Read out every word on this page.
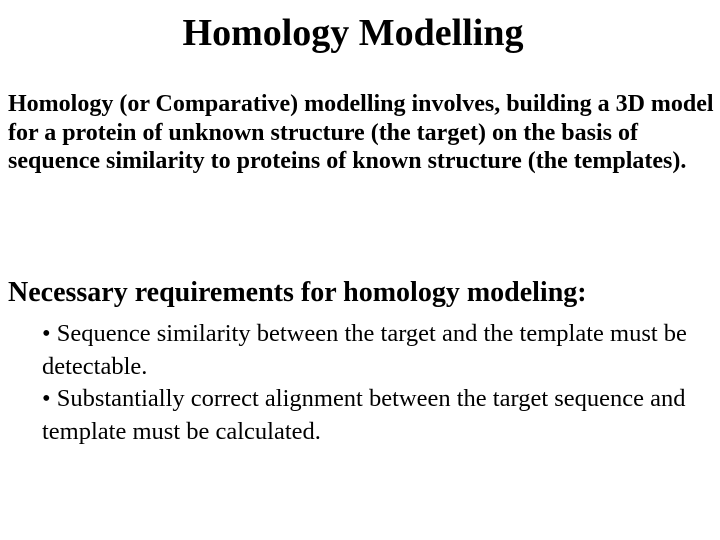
Homology Modelling

Homology (or Comparative) modelling involves, building a 3D model for a protein of unknown structure (the target) on the basis of sequence similarity to proteins of known structure (the templates).

Necessary requirements for homology modeling:
• Sequence similarity between the target and the template must be detectable.
• Substantially correct alignment between the target sequence and template must be calculated.
